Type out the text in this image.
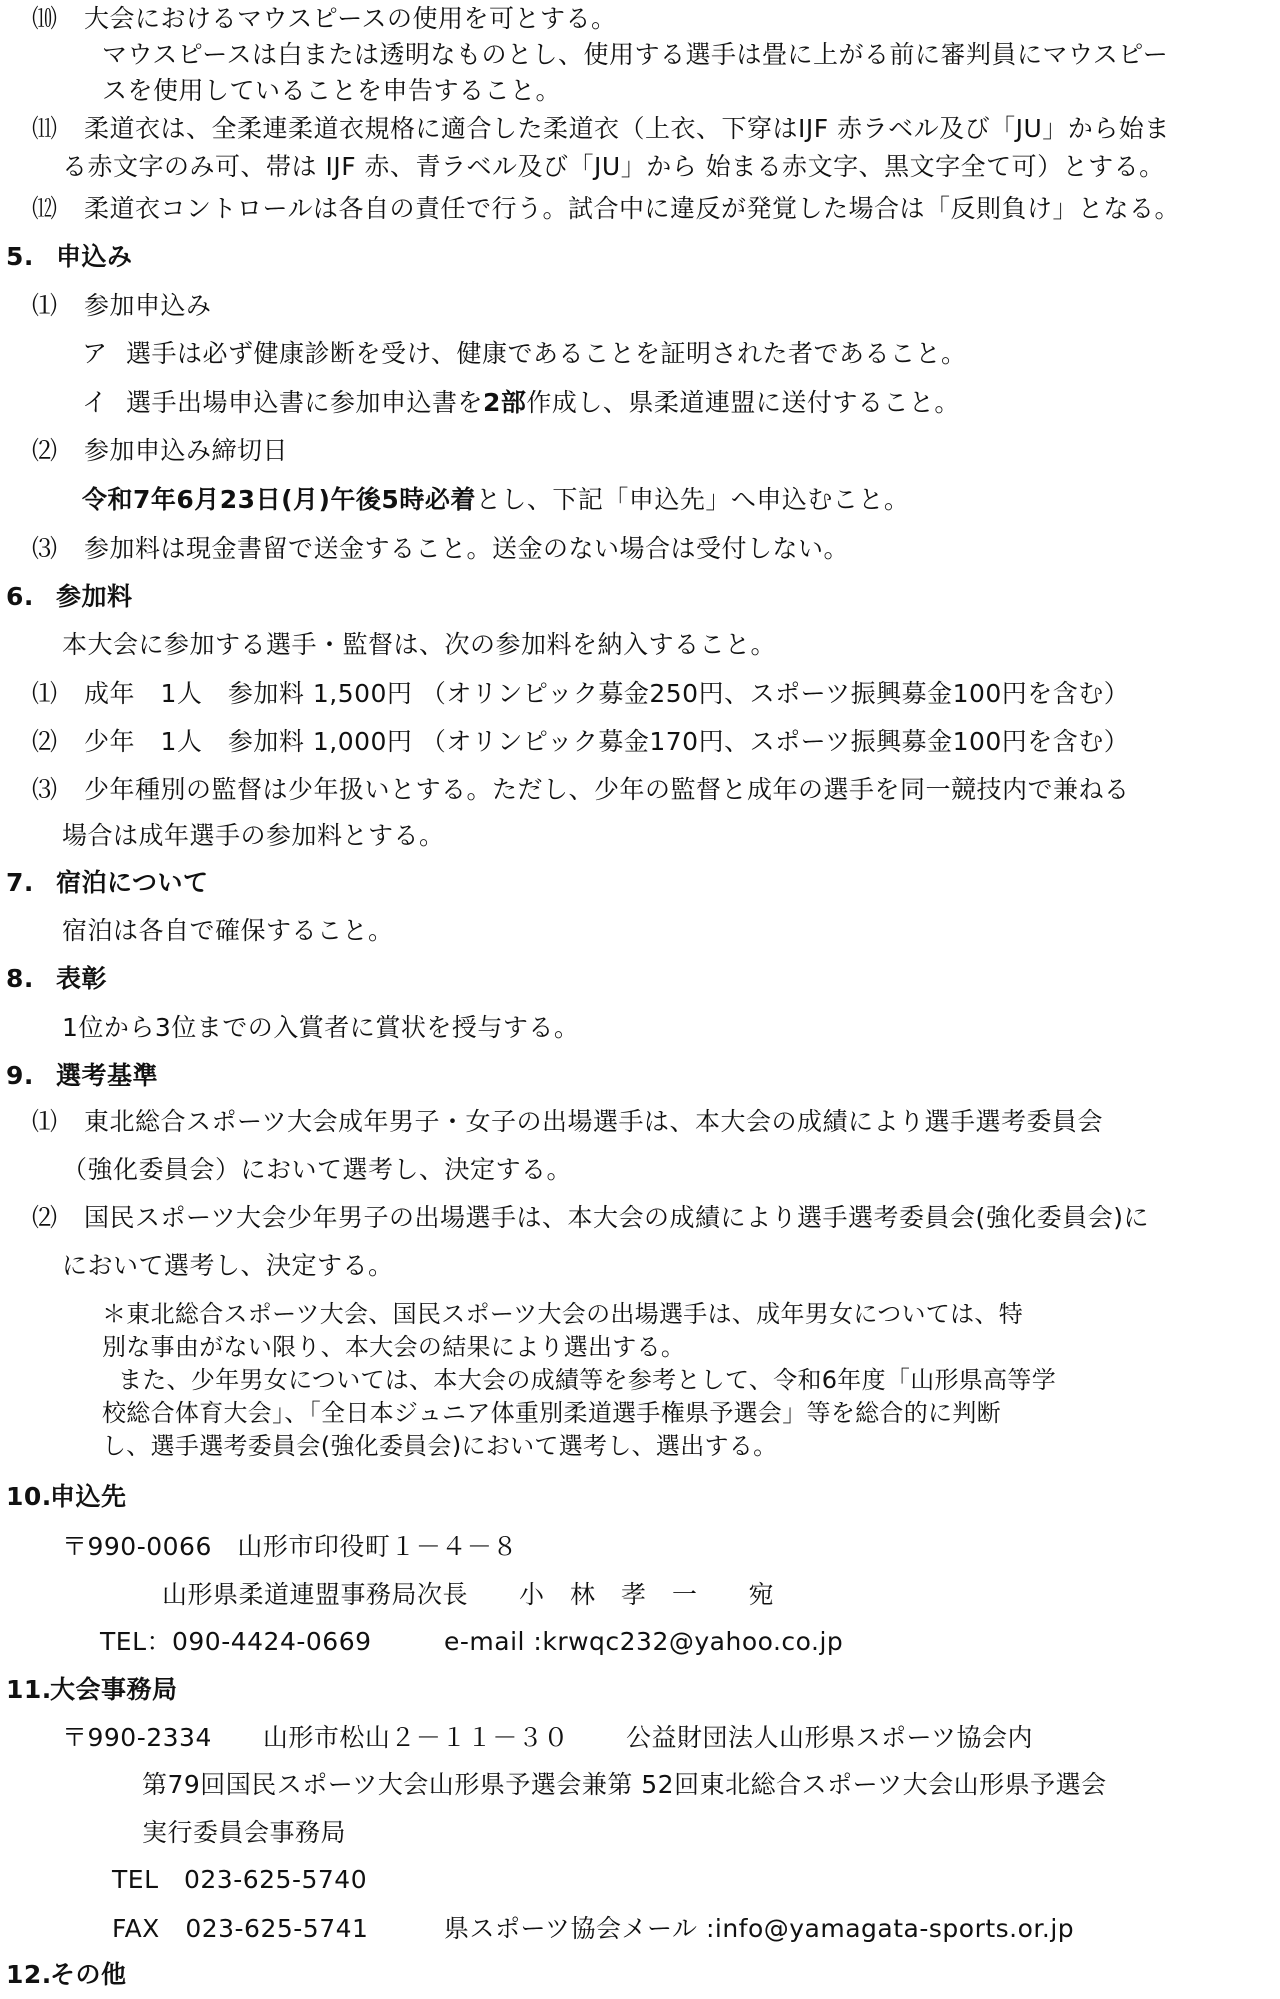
⑽ 大会におけるマウスピースの使用を可とする。
マウスピースは白または透明なものとし、使用する選手は畳に上がる前に審判員にマウスピー
スを使用していることを申告すること。
⑾ 柔道衣は、全柔連柔道衣規格に適合した柔道衣（上衣、下穿はIJF 赤ラベル及び「JU」から始ま
る赤文字のみ可、帯は IJF 赤、青ラベル及び「JU」から 始まる赤文字、黒文字全て可）とする。
⑿ 柔道衣コントロールは各自の責任で行う。試合中に違反が発覚した場合は「反則負け」となる。
5. 申込み
⑴ 参加申込み
ア 選手は必ず健康診断を受け、健康であることを証明された者であること。
イ 選手出場申込書に参加申込書を2部作成し、県柔道連盟に送付すること。
⑵ 参加申込み締切日
令和7年6月23日(月)午後5時必着とし、下記「申込先」へ申込むこと。
⑶ 参加料は現金書留で送金すること。送金のない場合は受付しない。
6. 参加料
本大会に参加する選手・監督は、次の参加料を納入すること。
⑴ 成年　1人　参加料 1,500円 （オリンピック募金250円、スポーツ振興募金100円を含む）
⑵ 少年　1人　参加料 1,000円 （オリンピック募金170円、スポーツ振興募金100円を含む）
⑶ 少年種別の監督は少年扱いとする。ただし、少年の監督と成年の選手を同一競技内で兼ねる
場合は成年選手の参加料とする。
7. 宿泊について
宿泊は各自で確保すること。
8. 表彰
1位から3位までの入賞者に賞状を授与する。
9. 選考基準
⑴ 東北総合スポーツ大会成年男子・女子の出場選手は、本大会の成績により選手選考委員会
（強化委員会）において選考し、決定する。
⑵ 国民スポーツ大会少年男子の出場選手は、本大会の成績により選手選考委員会(強化委員会)に
において選考し、決定する。
＊東北総合スポーツ大会、国民スポーツ大会の出場選手は、成年男女については、特
別な事由がない限り、本大会の結果により選出する。
また、少年男女については、本大会の成績等を参考として、令和6年度「山形県高等学
校総合体育大会」、「全日本ジュニア体重別柔道選手権県予選会」等を総合的に判断
し、選手選考委員会(強化委員会)において選考し、選出する。
10.申込先
〒990-0066　山形市印役町１－４－８
山形県柔道連盟事務局次長　　小　林　孝　一　　宛
TEL：090-4424-0669	e-mail :krwqc232@yahoo.co.jp
11.大会事務局
〒990-2334　　山形市松山２－１１－３０ 公益財団法人山形県スポーツ協会内
第79回国民スポーツ大会山形県予選会兼第 52回東北総合スポーツ大会山形県予選会
実行委員会事務局
TEL　023-625-5740
FAX　023-625-5741	県スポーツ協会メール :info@yamagata-sports.or.jp
12.その他
